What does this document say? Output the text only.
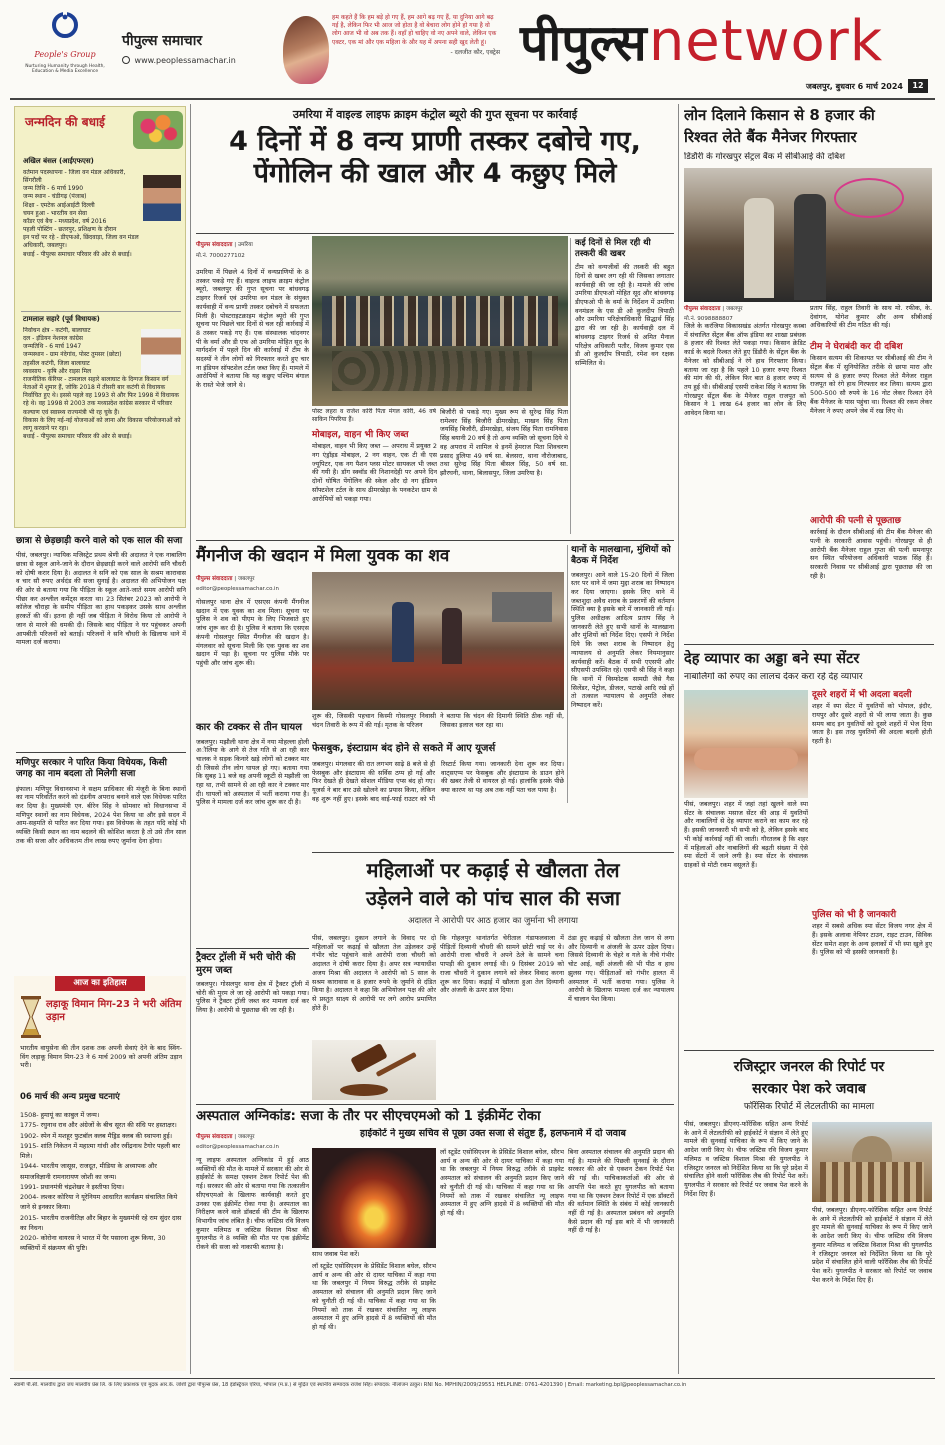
People's Group
Nurturing Humanity through Health, Education & Media Excellence
पीपुल्स समाचार
www.peoplessamachar.in
हम कहते हैं कि हम बड़े हो गए हैं, हम आगे बढ़ गए हैं, या दुनिया आगे बढ़ गई है, लेकिन फिर भी आज जो होता है वो बेचारा लोग होने हो गया है वो लोग आज भी वो अब तक हैं। वहाँ हो चाहिए वो नए अपने वाले, लेकिन एक एक्टर, एक मां और एक महिला के और यह में अपना सही खुद लेती हूं।
- दलजीत कौर, एक्ट्रेस पीपुल्स network
जबलपुर, बुधवार 6 मार्च 2024	12
जन्मदिन की बधाई
अखिल बंसल (आईएफएस)
वर्तमान पदस्थापना - जिला वन मंडल अधिकारी, सिंगरौली
जन्म तिथि - 6 मार्च 1990
जन्म स्थान - चंडीगढ़ (पंजाब)
शिक्षा - एमटेक आईआईटी दिल्ली
चयन हुआ - भारतीय वन सेवा
कॉडर एवं बैच - मध्यप्रदेश, वर्ष 2016
पहली पोस्टिंग - छतरपुर, प्रशिक्षण के दौरान
इन पदों पर रहे - डीएफओ, छिंदवाड़ा, जिला वन मंडल अधिकारी, जबलपुर।
बधाई - पीपुल्स समाचार परिवार की ओर से बधाई।
टामलाल सहारे (पूर्व विधायक)
निर्वाचन क्षेत्र - कटंगी, बालाघाट
दल - इंडियन नेशनल कांग्रेस
जन्मतिथि - 6 मार्च 1947
जन्मस्थान - ग्राम नंदेगांव, पोस्ट तुमसर (छोटा) तहसील कटंगी, जिला बालाघाट
व्यवसाय - कृषि और राइस मिल
राजनीतिक कॅरियर - टामलाल सहारे बालाघाट के दिग्गज किसान वर्ग नेताओं में शुमार हैं, जोकि 2018 में तीसरी बार कटंगी से विधायक निर्वाचित हुए थे। इससे पहले वह 1993 से और फिर 1998 में विधायक रहे थे। वह 1998 से 2003 तक मध्यप्रदेश कांग्रेस सरकार में परिवार कल्याण एवं स्वास्थ्य राज्यमंत्री भी रह चुके हैं।
विकास के लिए नई-नई योजनाओं को लाना और विकास परियोजनाओं को लागू करवाने पर रहा।
बधाई - पीपुल्स समाचार परिवार की ओर से बधाई।
छात्रा से छेड़छाड़ी करने वाले को एक साल की सजा
पीसं, जबलपुर। न्यायिक मजिस्ट्रेट प्रथम श्रेणी की अदालत ने एक नाबालिग छात्रा से स्कूल आने-जाने के दौरान छेड़छाड़ी करने वाले आरोपी सनि चौधरी को दोषी करार दिया है। अदालत ने सनि को एक साल के सश्रम कारावास व चार सौ रुपए अर्थदंड की सजा सुनाई है। अदालत की अभियोजन पक्ष की ओर से बताया गया कि पीड़िता के स्कूल आते-जाते समय आरोपी सनि पीछा कर अश्लील कमेंट्स करता था। 23 सितंबर 2023 को आरोपी ने कॉलेज चौराहा के समीप पीड़िता का हाथ पकड़कर उसके साथ अश्लील हरकतें की थीं। इतना ही नहीं जब पीड़िता ने विरोध किया तो आरोपी ने जान से मारने की धमकी दी। जिसके बाद पीड़िता ने घर पहुंचकर अपनी आपबीती परिजनों को बताई। परिजनों ने सनि चौधरी के खिलाफ थाने में मामला दर्ज कराया।
मणिपुर सरकार ने पारित किया विधेयक, किसी जगह का नाम बदला तो मिलेगी सजा
इंफाल। मणिपुर विधानसभा ने सक्षम प्राधिकार की मंजूरी के बिना स्थानों का नाम परिवर्तित करने को दंडनीय अपराध बनाने वाले एक विधेयक पारित कर दिया है। मुख्यमंत्री एन. बीरेन सिंह ने सोमवार को विधानसभा में मणिपुर स्थानों का नाम विधेयक, 2024 पेश किया था और इसे सदन में आम-सहमति से पारित कर दिया गया। इस विधेयक के तहत यदि कोई भी व्यक्ति किसी स्थान का नाम बदलने की कोशिश करता है तो उसे तीन साल तक की सजा और अधिकतम तीन लाख रुपए जुर्माना देना होगा।
आज का इतिहास
लड़ाकू विमान मिग-23 ने भरी अंतिम उड़ान
भारतीय वायुसेना की तीन दशक तक अपनी सेवाएं देने के बाद स्विंग-विंग लड़ाकू विमान मिग-23 ने 6 मार्च 2009 को अपनी अंतिम उड़ान भरी।
06 मार्च की अन्य प्रमुख घटनाएं
1508- हुमायूं का काबुल में जन्म।
1775- रघुनाथ राव और अंग्रेजों के बीच सूरत की संधि पर हस्ताक्षर।
1902- स्पेन में मशहूर फुटबॉल क्लब मैड्रिड क्लब की स्थापना हुई।
1915- शांति निकेतन में महात्मा गांधी और रवींद्रनाथ टैगोर पहली बार मिले।
1944- भारतीय जासूस, राजदूत, मीडिया के अध्यापक और समाजविज्ञानी रामनारायण जोशी का जन्म।
1991- प्रधानमंत्री चंद्रशेखर ने इस्तीफा दिया।
2004- लश्कर कोरिया ने यूरेनियम आधारित कार्यक्रम संचालित किये जाने से इनकार किया।
2015- भारतीय राजनीतिज्ञ और बिहार के मुख्यमंत्री रहे राम सुंदर दास का निधन।
2020- कोरोना वायरस ने भारत में पैर पसारना शुरू किया, 30 व्यक्तियों में संक्रमण की पुष्टि।
उमरिया में वाइल्ड लाइफ क्राइम कंट्रोल ब्यूरो की गुप्त सूचना पर कार्रवाई
4 दिनों में 8 वन्य प्राणी तस्कर दबोचे गए,
पेंगोलिन की खाल और 4 कछुए मिले
पीपुल्स संवाददाता | उमरिया
मो.नं. 7000277102
उमरिया में पिछले 4 दिनों में वन्यप्राणियों के 8 तस्कर पकड़े गए हैं। वाइल्ड लाइफ क्राइम कंट्रोल ब्यूरो, जबलपुर की गुप्त सूचना पर बांधवगढ़ टाइगर रिजर्व एवं उमरिया वन मंडल के संयुक्त कार्यवाही में वन्य प्राणी तस्कर दबोचने में सफलता मिली है। पोस्टराइटक्राइम कंट्रोल ब्यूरो की गुप्त सूचना पर पिछले चार दिनों से चल रही कार्रवाई में 8 तस्कर पकड़े गए हैं। एक संस्थालक चांदनगर पी के वर्मा और डी एफ ओ उमरिया मोहित सूद के मार्गदर्शन में पहले दिन की कार्रवाई में टीम के सदस्यों ने तीन लोगों को गिरफ्तार करते हुए चार ना इंडियन सॉफ्टशेल टर्टल जब्त किए हैं। मामले में आरोपियों ने बताया कि यह कछुए पश्चिम बंगाल के रास्ते भेजे जाने थे।
पोस्ट लहरा व राजेश कोरी पिता मंगल कोरी, 46 वर्ष साकिन पिपरिया हैं।
मोबाइल, वाहन भी किए जब्त
मोबाइल, वाहन भी किए जब्त — अपराध में प्रयुक्त 2 नग एंड्रॉइड मोबाइल, 2 नग वाहन, एक टी वी एस ज्यूपिटर, एक नग पैशन प्लस मोटर सायकल भी जब्त की गयी है। डॉग स्क्वॉड की निशानदेही पर अपने दिन दोनों घोषित पेंगोलिन की स्केल और दो नग इंडियन सॉफ्टशेल टर्टल के साथ ढीमरखेड़ा के पनकटेश ग्राम से आरोपियों को पकड़ा गया।
बिजौरी से पकड़े गए। मुख्य रूप से सुरेन्द्र सिंह पिता रामेश्वर सिंह बिजौरी ढीमरखेड़ा, माखन सिंह पिता जयसिंह बिजौरी, ढीमरखेड़ा, संजय सिंह पिता रामनिवास सिंह बयानी 20 वर्ष है तो अन्य व्यक्ति जो सूचना दिये थे वह अपराध में शामिल थे इनमें हेमराज पिता शिवचरण प्रसाद डुलिया 49 वर्ष सा. बेलसरा, थाना नौरोजाबाद, तथा सुरेन्द्र सिंह पिता बीसल सिंह, 50 वर्ष सा. झौरघनी, थाना, बिलासपुर, जिला उमरिया है।
कई दिनों से मिल रही थी तस्करी की खबर
टीम को वन्यजीवों की तस्करी की बहुत दिनों से खबर लग रही थी जिसका लगातार कार्यवाही की जा रही है। मामले की जांच उमरिया डीएफओ मोहित सूद और बांधवगढ़ डीएफओ पी के वर्मा के निर्देशन में उमरिया वनमंडल के एस डी ओ कुलदीप त्रिपाठी और उमरिया परिक्षेत्राधिकारी सिद्धार्थ सिंह द्वारा की जा रही है। कार्यवाही दल में बांधवगढ़ टाइगर रिजर्व से अमित मैनाल परिक्षेत्र अधिकारी पतौर, विजय कुमार एस डी ओ कुलदीप त्रिपाठी, रमेश वन रक्षक सम्मिलित थे।
मैंगनीज की खदान में मिला युवक का शव
पीपुल्स संवाददाता | जबलपुर
editor@peoplessamachar.co.in
गोसलपुर थाना क्षेत्र में एसएस कंपनी मैंगनीज खदान में एक युवक का शव मिला। सूचना पर पुलिस ने शव को पीएम के लिए भिजवाते हुए जांच शुरू कर दी है। पुलिस ने बताया कि एसएस कंपनी गोसलपुर स्थित मैंगनीज की खदान है। मंगलवार को सूचना मिली कि एक युवक का शव खदान में पड़ा है। सूचना पर पुलिस मौके पर पहुंची और जांच शुरू की।
शुरू की, जिसकी पहचान किस्मी गोसलपुर निवासी चंदन तिवारी के रूप में की गई। मृतक के परिजन
ने बताया कि चंदन की दिमागी स्थिति ठीक नहीं थी, जिसका इलाज चल रहा था।
थानों के मालखाना, मुंशियों को बैठक में निर्देश
जबलपुर। आने वाले 15-20 दिनों में जिला स्तर पर थाने में जमा मुद्दा शराब का निष्पादन कर दिया जाएगा। इसके लिए थाने में जब्तशुदा अवैध शराब के प्रकरणों की वर्तमान स्थिति क्या है इसके बारे में जानकारी ली गई। पुलिस अधीक्षक आदित्य प्रताप सिंह ने जानकारी लेते हुए सभी थानों के मालखाना और मुंशियों को निर्देश दिए। एसपी ने निर्देश दिये कि जब्त शराब के निष्पादन हेतु न्यायालय से अनुमति लेकर नियमानुसार कार्यवाही करें। बैठक में सभी एएसपी और सीएसपी उपस्थित रहे। एसपी श्री सिंह ने कहा कि थानों में विस्फोटक सामग्री जैसे गैस सिलेंडर, पेट्रोल, डीजल, पटाखे आदि रखे हों तो तत्काल न्यायालय से अनुमति लेकर निष्पादन करें।
कार की टक्कर से तीन घायल
जबलपुर। मझौली थाना क्षेत्र में नया मोहल्ला होली अौलिया के आगे से तेज गति से आ रही कार चालक ने सड़क किनारे खड़े लोगों को टक्कर मार दी जिससे तीन लोग घायल हो गए। बताया गया कि सुबह 11 बजे वह अपनी स्कूटी से मझौली जा रहा था, तभी सामने से आ रही कार ने टक्कर मार दी। घायलों को अस्पताल में भर्ती कराया गया है। पुलिस ने मामला दर्ज कर जांच शुरू कर दी है।
ट्रैक्टर ट्रॉली में भरी चोरी की मुरम जब्त
जबलपुर। गोसलपुर थाना क्षेत्र में ट्रैक्टर ट्रॉली में चोरी की मुरम ले जा रहे आरोपी को पकड़ा गया। पुलिस ने ट्रैक्टर ट्रॉली जब्त कर मामला दर्ज कर लिया है। आरोपी से पूछताछ की जा रही है।
फेसबुक, इंस्टाग्राम बंद होने से सकते में आए यूजर्स
जबलपुर। मंगलवार की रात लगभग साढ़े 8 बजे से ही फेसबुक और इंस्टाग्राम की सर्विस ठप्प हो गई और फिर देखते ही देखते सोशल मीडिया एप्स बंद हो गए। यूजर्स ने बार बार उसे खोलने का प्रयास किया, लेकिन वह शुरू नहीं हुए। इसके बाद वाई-फाई राउटर को भी रिस्टार्ट किया गया। जानकारी देना शुरू कर दिया। वाट्सएप्प पर फेसबुक और इंस्टाग्राम के डाउन होने की खबर तेजी से वायरल हो गई। हालांकि इसके पीछे क्या कारण था यह अब तक नहीं पता चल पाया है।
महिलाओं पर कढ़ाई से खौलता तेल
उड़ेलने वाले को पांच साल की सजा
अदालत ने आरोपी पर आठ हजार का जुर्माना भी लगाया
पीसं, जबलपुर। दुकान लगाने के विवाद पर दो महिलाओं पर कढ़ाई से खौलता तेल उड़ेलकर उन्हें गंभीर चोट पहुंचाने वाले आरोपी राजा चौधरी को अदालत ने दोषी करार दिया है। अपर सत्र न्यायाधीश अजय मिश्रा की अदालत ने आरोपी को 5 साल के सश्रम कारावास व 8 हजार रुपये के जुर्माने से दंडित किया है। अदालत ने कहा कि अभियोजन पक्ष की ओर से प्रस्तुत साक्ष्य से आरोपी पर लगे आरोप प्रमाणित होते हैं।
कि गोहलपुर थानांतर्गत चेरीताल गंडाफलवाला में पीड़ितों दिव्यानी चौधरी की सामने छोटी चाई पर थे। आरोपी राजा चौधरी ने अपने ठेले के सामने चना पापड़ी की दुकान लगाई थी। 9 दिसंबर 2019 को राजा चौधरी ने दुकान लगाने को लेकर विवाद करना शुरू कर दिया। कढ़ाई में खौलता हुआ तेल दिव्यानी और अंजली के ऊपर डाल दिया।
ठंडा हुए कढ़ाई से खौलता तेल जान से लगा और दिव्यानी व अंजली के ऊपर उड़ेल दिया। जिससे दिव्यानी के चेहरे व गले के नीचे गंभीर चोट आई, वहीं अंजली की भी पीठ व हाथ झुलस गए। पीड़िताओं को गंभीर हालत में अस्पताल में भर्ती कराया गया। पुलिस ने आरोपी के खिलाफ मामला दर्ज कर न्यायालय में चालान पेश किया।
अस्पताल अग्निकांड: सजा के तौर पर सीएचएमओ को 1 इंक्रीमेंट रोका
हाईकोर्ट ने मुख्य सचिव से पूछा उक्त सजा से संतुष्ट हैं, हलफनामे में दो जवाब
पीपुल्स संवाददाता | जबलपुर
editor@peoplessamachar.co.in
न्यू लाइफ अस्पताल अग्निकांड में हुई आठ व्यक्तियों की मौत के मामले में सरकार की ओर से हाईकोर्ट के समक्ष एक्शन टेकन रिपोर्ट पेश की गई। सरकार की ओर से बताया गया कि तत्कालीन सीएचएमओ के खिलाफ कार्यवाही करते हुए उनका एक इंक्रीमेंट रोका गया है। अस्पताल का निरीक्षण करने वाले डॉक्टर्स की टीम के खिलाफ विभागीय जांच लंबित है। चीफ जस्टिस रवि विजय कुमार मलिमठ व जस्टिस विशाल मिश्रा की युगलपीठ ने 8 व्यक्ति की मौत पर एक इंक्रीमेंट रोकने की सजा को नाकाफी बताया है।
साथ जवाब पेश करें।
लॉ स्टूडेंट एसोसिएशन के प्रेसिडेंट विशाल बघेल, सौरभ आर्य व अन्य की ओर से दायर याचिका में कहा गया था कि जबलपुर में नियम विरुद्ध तरीके से प्राइवेट अस्पताल को संचालन की अनुमति प्रदान किए जाने को चुनौती दी गई थी। याचिका में कहा गया था कि नियमों को ताक में रखकर संचालित न्यू लाइफ अस्पताल में हुए अग्नि हादसे में 8 व्यक्तियों की मौत हो गई थी।
लॉ स्टूडेंट एसोसिएशन के प्रेसिडेंट विशाल बघेल, सौरभ आर्य व अन्य की ओर से दायर याचिका में कहा गया था कि जबलपुर में नियम विरुद्ध तरीके से प्राइवेट अस्पताल को संचालन की अनुमति प्रदान किए जाने को चुनौती दी गई थी। याचिका में कहा गया था कि नियमों को ताक में रखकर संचालित न्यू लाइफ अस्पताल में हुए अग्नि हादसे में 8 व्यक्तियों की मौत हो गई थी।
बिना अस्पताल संचालन की अनुमति प्रदान की गई है। मामले की पिछली सुनवाई के दौरान सरकार की ओर से एक्शन टेकन रिपोर्ट पेश की गई थी। याचिकाकर्ताओं की ओर से आपत्ति पेश करते हुए युगलपीठ को बताया गया था कि एक्शन टेकन रिपोर्ट में एक डॉक्टरों की वर्तमान स्थिति के संबंध में कोई जानकारी नहीं दी गई है। अस्पताल प्रबंधन को अनुमति कैसे प्रदान की गई इस बारे में भी जानकारी नहीं दी गई है।
लोन दिलाने किसान से 8 हजार की
रिश्वत लेते बैंक मैनेजर गिरफ्तार
डिंडौरी के गोरखपुर सेंट्रल बैंक में सीबीआई की दबिश
पीपुल्स संवाददाता | जबलपुर
मो.नं. 9098888807
प्रताप सिंह, राहुल तिवारी के साथ मो. रफीक, के. देवांगन, योगेश कुमार और अन्य सीबीआई अधिकारियों की टीम गठित की गई।
जिले के करंजिया विकासखंड अंतर्गत गोरखपुर कस्बा में संचालित सेंट्रल बैंक ऑफ इंडिया का शाखा प्रबंधक 8 हजार की रिश्वत लेते पकड़ा गया। किसान क्रेडिट कार्ड के बदले रिश्वत लेते हुए डिंडौरी के सेंट्रल बैंक के मैनेजर को सीबीआई ने रंगे हाथ गिरफ्तार किया। बताया जा रहा है कि पहले 10 हजार रुपए रिश्वत की मांग की थी, लेकिन फिर बात 8 हजार रुपए में तय हुई थी। सीबीआई एसपी राकेश सिंह ने बताया कि गोरखपुर सेंट्रल बैंक के मैनेजर राहुल राजपूत को किसान ने 1 लाख 64 हजार का लोन के लिए आवेदन किया था।
टीम ने घेराबंदी कर दी दबिश
किसान सत्यम की शिकायत पर सीबीआई की टीम ने सेंट्रल बैंक में सुनियोजित तरीके से छापा मारा और सत्यम से 8 हजार रुपए रिश्वत लेते मैनेजर राहुल राजपूत को रंगे हाथ गिरफ्तार कर लिया। सत्यम द्वारा 500-500 सौ रुपये के 16 नोट लेकर रिश्वत देने बैंक मैनेजर के पास पहुंचा था। रिश्वत की रकम लेकर मैनेजर ने रुपए अपने जेब में रख लिए थे।
आरोपी की पत्नी से पूछताछ
कार्रवाई के दौरान सीबीआई की टीम बैंक मैनेजर की पत्नी के सरकारी आवास पहुंची। गोरखपुर से ही आरोपी बैंक मैनेजर राहुल गुप्ता की पत्नी समनापुर सन स्थित परियोजना अधिकारी पाठक सिंह हैं। सरकारी निवास पर सीबीआई द्वारा पूछताछ की जा रही है।
देह व्यापार का अड्डा बने स्पा सेंटर
नाबालिगों को रुपए का लालच देकर करा रहे देह व्यापार
पीसं, जबलपुर। शहर में जहां तहां खुलने वाले स्पा सेंटर के संचालक मसाज सेंटर की आड़ में युवतियों और नाबालिगों से देह व्यापार कराने का काम कर रहे हैं। इसकी जानकारी भी सभी को है, लेकिन इसके बाद भी कोई कार्रवाई नहीं की जाती। गौरतलब है कि शहर में महिलाओं और नाबालिगों की बढ़ती संख्या में ऐसे स्पा सेंटरों में जाने लगी है। स्पा सेंटर के संचालक ग्राहकों से मोटी रकम वसूलते हैं।
दूसरे शहरों में भी अदला बदली
शहर में स्पा सेंटर में युवतियों को भोपाल, इंदौर, रायपुर और दूसरे शहरों से भी लाया जाता है। कुछ समय बाद इन युवतियों को दूसरे शहरों में भेज दिया जाता है। इस तरह युवतियों की अदला बदली होती रहती है।
पुलिस को भी है जानकारी
शहर में सबसे अधिक स्पा सेंटर विजय नगर क्षेत्र में हैं। इसके अलावा नेपियर टाउन, राइट टाउन, सिविक सेंटर समेत शहर के अन्य इलाकों में भी स्पा खुले हुए हैं। पुलिस को भी इसकी जानकारी है।
रजिस्ट्रार जनरल की रिपोर्ट पर
सरकार पेश करे जवाब
फॉरेंसिक रिपोर्ट में लेटलतीफी का मामला
पीसं, जबलपुर। डीएनए-फॉरेंसिक सहित अन्य रिपोर्ट के आने में लेटलतीफी को हाईकोर्ट ने संज्ञान में लेते हुए मामले की सुनवाई याचिका के रूप में किए जाने के आदेश जारी किए थे। चीफ जस्टिस रवि विजय कुमार मलिमठ व जस्टिस विशाल मिश्रा की युगलपीठ ने रजिस्ट्रार जनरल को निर्देशित किया था कि पूरे प्रदेश में संचालित होने वाली फॉरेंसिक लैब की रिपोर्ट पेश करें। युगलपीठ ने सरकार को रिपोर्ट पर जवाब पेश करने के निर्देश दिए हैं।
पीसं, जबलपुर। डीएनए-फॉरेंसिक सहित अन्य रिपोर्ट के आने में लेटलतीफी को हाईकोर्ट ने संज्ञान में लेते हुए मामले की सुनवाई याचिका के रूप में किए जाने के आदेश जारी किए थे। चीफ जस्टिस रवि विजय कुमार मलिमठ व जस्टिस विशाल मिश्रा की युगलपीठ ने रजिस्ट्रार जनरल को निर्देशित किया था कि पूरे प्रदेश में संचालित होने वाली फॉरेंसिक लैब की रिपोर्ट पेश करें। युगलपीठ ने सरकार को रिपोर्ट पर जवाब पेश करने के निर्देश दिए हैं।
स्वामी पी.सी. मालवीय द्वारा जय मालवीय प्रेस लि. के लिए प्रकाशक एवं मुद्रक आर.के. जोशी द्वारा पीपुल्स प्रेस, 18 इंडस्ट्रियल एरिया, भोपाल (म.प्र.) से मुद्रित एवं स्थानीय सम्पादक राजेश सिंह। संपादक: नीलांजन ठाकुर। RNI No. MPHIN/2009/29551 HELPLINE: 0761-4201390 | Email: marketing.bpl@peoplessamachar.co.in
